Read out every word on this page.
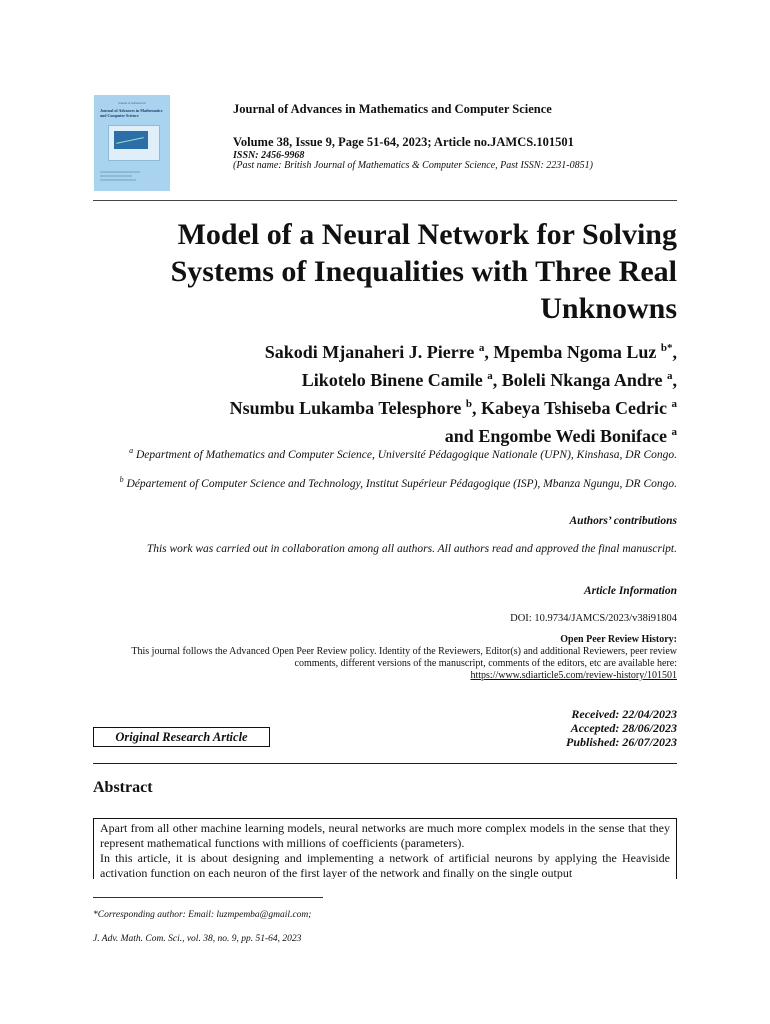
Journal of Advances in
Journal of Advances in Mathematics and Computer Science	Journal of Advances in Mathematics and Computer Science
Volume 38, Issue 9, Page 51-64, 2023; Article no.JAMCS.101501
ISSN: 2456-9968
(Past name: British Journal of Mathematics & Computer Science, Past ISSN: 2231-0851)
Model of a Neural Network for Solving
Systems of Inequalities with Three Real
Unknowns
Sakodi Mjanaheri J. Pierre $^a$, Mpemba Ngoma Luz $^{b*}$,
Likotelo Binene Camile $^a$, Boleli Nkanga Andre $^a$,
Nsumbu Lukamba Telesphore $^b$, Kabeya Tshiseba Cedric $^a$
and Engombe Wedi Boniface $^a$
$^a$ Department of Mathematics and Computer Science, Université Pédagogique Nationale (UPN), Kinshasa, DR Congo.
$^b$ Département of Computer Science and Technology, Institut Supérieur Pédagogique (ISP), Mbanza Ngungu, DR Congo.
Authors’ contributions
This work was carried out in collaboration among all authors. All authors read and approved the final manuscript.
Article Information
DOI: 10.9734/JAMCS/2023/v38i91804
Open Peer Review History:
This journal follows the Advanced Open Peer Review policy. Identity of the Reviewers, Editor(s) and additional Reviewers, peer review comments, different versions of the manuscript, comments of the editors, etc are available here:
https://www.sdiarticle5.com/review-history/101501
Original Research Article
Received: 22/04/2023
Accepted: 28/06/2023
Published: 26/07/2023
Abstract
Apart from all other machine learning models, neural networks are much more complex models in the sense that they represent mathematical functions with millions of coefficients (parameters).
In this article, it is about designing and implementing a network of artificial neurons by applying the Heaviside activation function on each neuron of the first layer of the network and finally on the single output
*Corresponding author: Email: luzmpemba@gmail.com;
J. Adv. Math. Com. Sci., vol. 38, no. 9, pp. 51-64, 2023
